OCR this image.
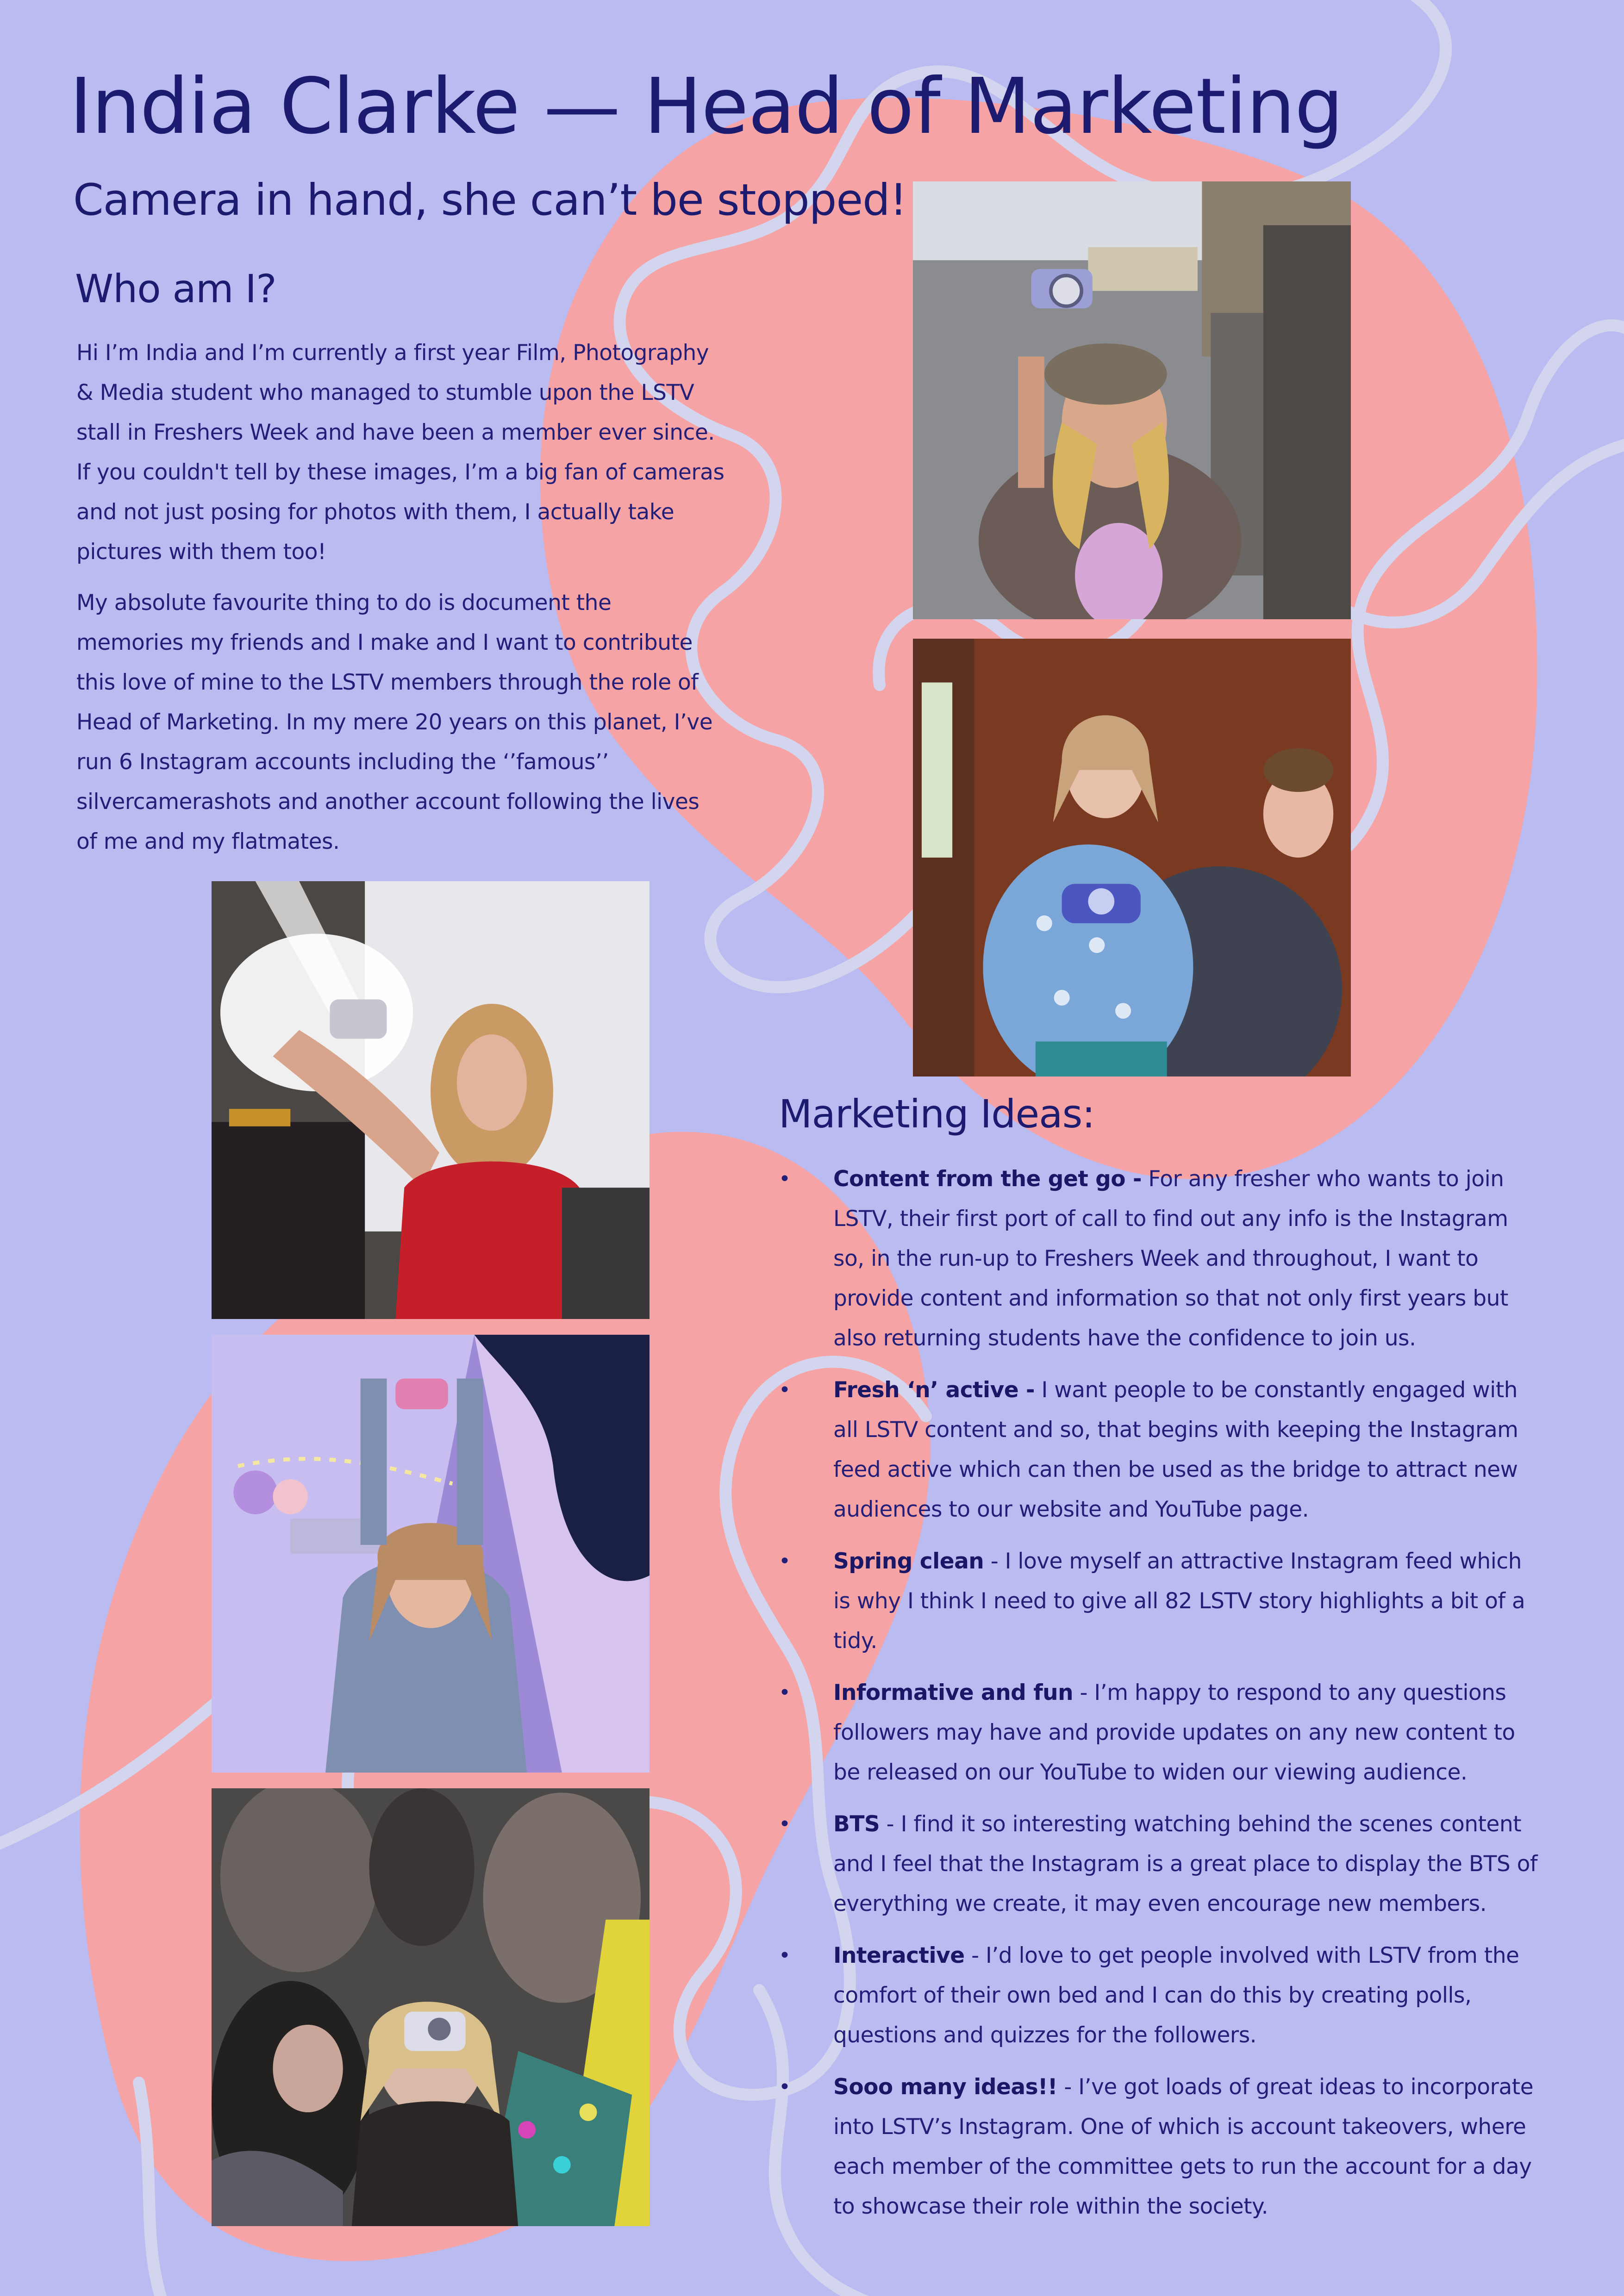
India Clarke — Head of Marketing
Camera in hand, she can’t be stopped!
Who am I?

Hi I’m India and I’m currently a first year Film, Photography & Media student who managed to stumble upon the LSTV stall in Freshers Week and have been a member ever since. If you couldn't tell by these images, I’m a big fan of cameras and not just posing for photos with them, I actually take pictures with them too!

My absolute favourite thing to do is document the memories my friends and I make and I want to contribute this love of mine to the LSTV members through the role of Head of Marketing. In my mere 20 years on this planet, I’ve run 6 Instagram accounts including the ‘’famous’’ silvercamerashots and another account following the lives of me and my flatmates.

Marketing Ideas:
• Content from the get go - For any fresher who wants to join LSTV, their first port of call to find out any info is the Instagram so, in the run-up to Freshers Week and throughout, I want to provide content and information so that not only first years but also returning students have the confidence to join us.
• Fresh ‘n’ active - I want people to be constantly engaged with all LSTV content and so, that begins with keeping the Instagram feed active which can then be used as the bridge to attract new audiences to our website and YouTube page.
• Spring clean - I love myself an attractive Instagram feed which is why I think I need to give all 82 LSTV story highlights a bit of a tidy.
• Informative and fun - I’m happy to respond to any questions followers may have and provide updates on any new content to be released on our YouTube to widen our viewing audience.
• BTS - I find it so interesting watching behind the scenes content and I feel that the Instagram is a great place to display the BTS of everything we create, it may even encourage new members.
• Interactive - I’d love to get people involved with LSTV from the comfort of their own bed and I can do this by creating polls, questions and quizzes for the followers.
• Sooo many ideas!! - I’ve got loads of great ideas to incorporate into LSTV’s Instagram. One of which is account takeovers, where each member of the committee gets to run the account for a day to showcase their role within the society.
